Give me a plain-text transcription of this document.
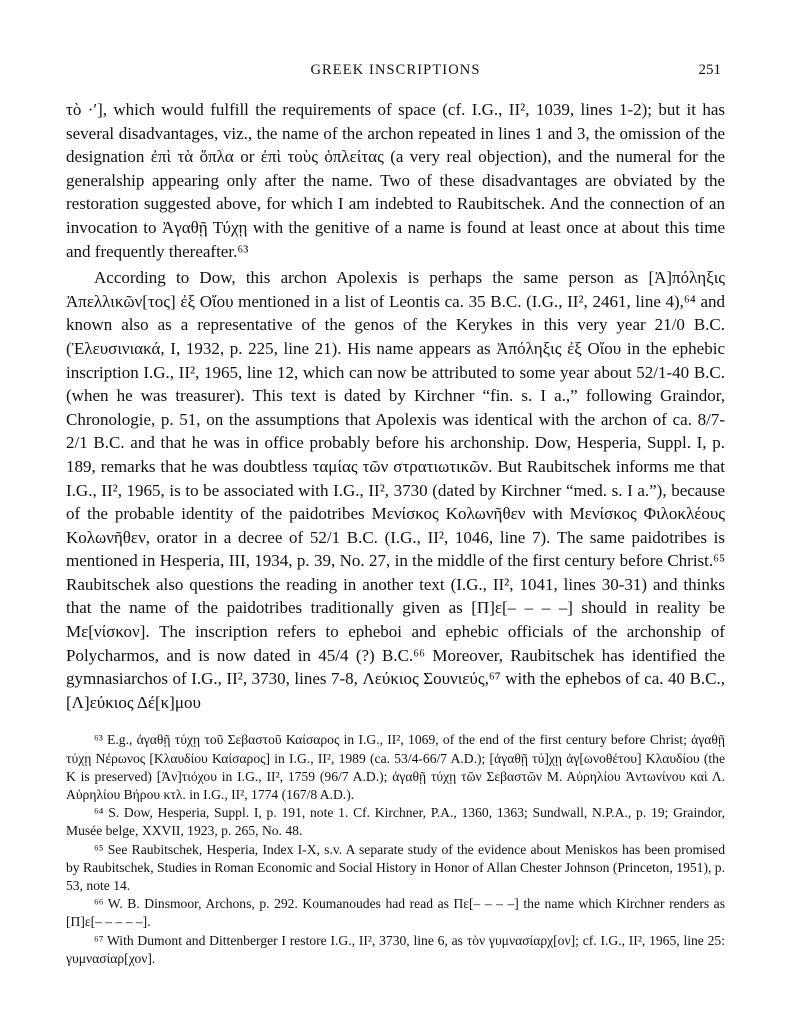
GREEK INSCRIPTIONS	251

τὸ ·′], which would fulfill the requirements of space (cf. I.G., II², 1039, lines 1-2); but it has several disadvantages, viz., the name of the archon repeated in lines 1 and 3, the omission of the designation ἐπὶ τὰ ὅπλα or ἐπὶ τοὺς ὁπλείτας (a very real objection), and the numeral for the generalship appearing only after the name. Two of these disadvantages are obviated by the restoration suggested above, for which I am indebted to Raubitschek. And the connection of an invocation to Ἀγαθῇ Τύχῃ with the genitive of a name is found at least once at about this time and frequently thereafter.⁶³

According to Dow, this archon Apolexis is perhaps the same person as [Ἀ]πόληξις Ἀπελλικῶν[τος] ἐξ Οἴου mentioned in a list of Leontis ca. 35 B.C. (I.G., II², 2461, line 4),⁶⁴ and known also as a representative of the genos of the Kerykes in this very year 21/0 B.C. (Ἐλευσινιακά, I, 1932, p. 225, line 21). His name appears as Ἀπόληξις ἐξ Οἴου in the ephebic inscription I.G., II², 1965, line 12, which can now be attributed to some year about 52/1-40 B.C. (when he was treasurer). This text is dated by Kirchner “fin. s. I a.,” following Graindor, Chronologie, p. 51, on the assumptions that Apolexis was identical with the archon of ca. 8/7-2/1 B.C. and that he was in office probably before his archonship. Dow, Hesperia, Suppl. I, p. 189, remarks that he was doubtless ταμίας τῶν στρατιωτικῶν. But Raubitschek informs me that I.G., II², 1965, is to be associated with I.G., II², 3730 (dated by Kirchner “med. s. I a.”), because of the probable identity of the paidotribes Μενίσκος Κολωνῆθεν with Μενίσκος Φιλοκλέους Κολωνῆθεν, orator in a decree of 52/1 B.C. (I.G., II², 1046, line 7). The same paidotribes is mentioned in Hesperia, III, 1934, p. 39, No. 27, in the middle of the first century before Christ.⁶⁵ Raubitschek also questions the reading in another text (I.G., II², 1041, lines 30-31) and thinks that the name of the paidotribes traditionally given as [Π]ε[– – – –] should in reality be Με[νίσκον]. The inscription refers to epheboi and ephebic officials of the archonship of Polycharmos, and is now dated in 45/4 (?) B.C.⁶⁶ Moreover, Raubitschek has identified the gymnasiarchos of I.G., II², 3730, lines 7-8, Λεύκιος Σουνιεύς,⁶⁷ with the ephebos of ca. 40 B.C., [Λ]εύκιος Δέ[κ]μου

⁶³ E.g., ἀγαθῇ τύχῃ τοῦ Σεβαστοῦ Καίσαρος in I.G., II², 1069, of the end of the first century before Christ; ἀγαθῇ τύχῃ Νέρωνος [Κλαυδίου Καίσαρος] in I.G., II², 1989 (ca. 53/4-66/7 A.D.); [ἀγαθῇ τύ]χῃ ἀγ[ωνοθέτου] Κλαυδίου (the K is preserved) [Ἀν]τιόχου in I.G., II², 1759 (96/7 A.D.); ἀγαθῇ τύχῃ τῶν Σεβαστῶν Μ. Αὐρηλίου Ἀντωνίνου καὶ Λ. Αὐρηλίου Βήρου κτλ. in I.G., II², 1774 (167/8 A.D.).

⁶⁴ S. Dow, Hesperia, Suppl. I, p. 191, note 1. Cf. Kirchner, P.A., 1360, 1363; Sundwall, N.P.A., p. 19; Graindor, Musée belge, XXVII, 1923, p. 265, No. 48.

⁶⁵ See Raubitschek, Hesperia, Index I-X, s.v. A separate study of the evidence about Meniskos has been promised by Raubitschek, Studies in Roman Economic and Social History in Honor of Allan Chester Johnson (Princeton, 1951), p. 53, note 14.

⁶⁶ W. B. Dinsmoor, Archons, p. 292. Koumanoudes had read as Πε[– – – –] the name which Kirchner renders as [Π]ε[– – – – –].

⁶⁷ With Dumont and Dittenberger I restore I.G., II², 3730, line 6, as τὸν γυμνασίαρχ[ον]; cf. I.G., II², 1965, line 25: γυμνασίαρ[χον].
